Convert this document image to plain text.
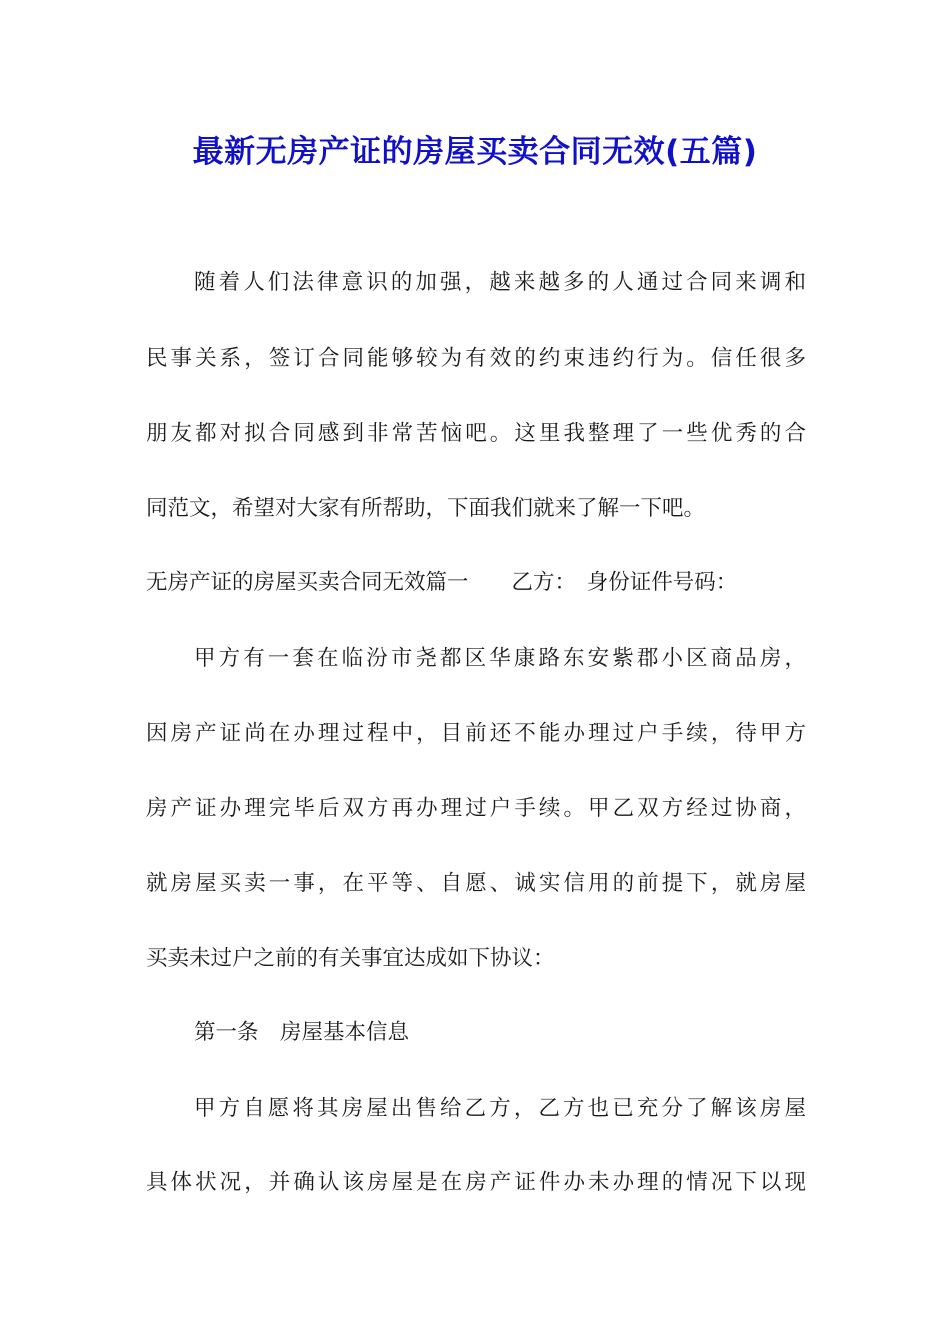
最新无房产证的房屋买卖合同无效(五篇)
随着人们法律意识的加强，越来越多的人通过合同来调和
民事关系，签订合同能够较为有效的约束违约行为。信任很多
朋友都对拟合同感到非常苦恼吧。这里我整理了一些优秀的合
同范文，希望对大家有所帮助，下面我们就来了解一下吧。
无房产证的房屋买卖合同无效篇一　　乙方：　身份证件号码：
甲方有一套在临汾市尧都区华康路东安紫郡小区商品房，
因房产证尚在办理过程中，目前还不能办理过户手续，待甲方
房产证办理完毕后双方再办理过户手续。甲乙双方经过协商，
就房屋买卖一事，在平等、自愿、诚实信用的前提下，就房屋
买卖未过户之前的有关事宜达成如下协议：
第一条　房屋基本信息
甲方自愿将其房屋出售给乙方，乙方也已充分了解该房屋
具体状况，并确认该房屋是在房产证件办未办理的情况下以现
